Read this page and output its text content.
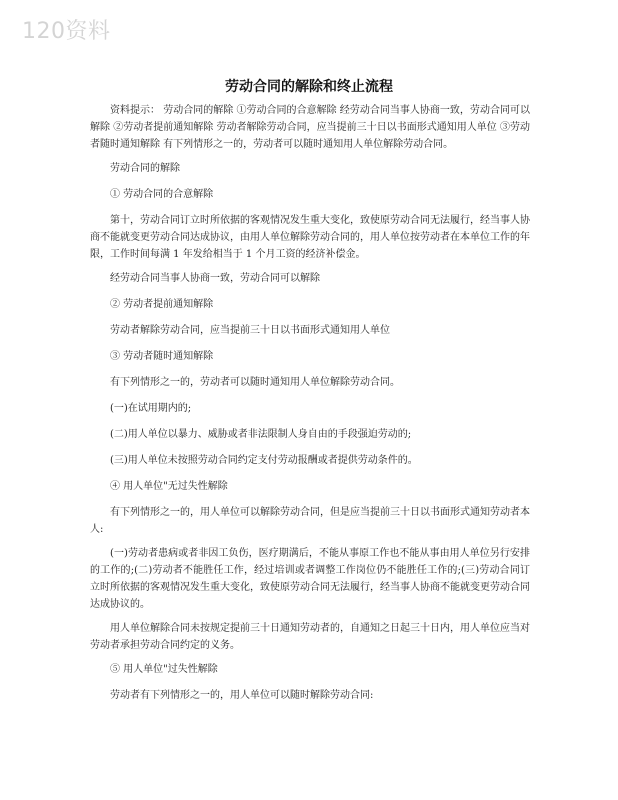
120资料
劳动合同的解除和终止流程

资料提示： 劳动合同的解除 ①劳动合同的合意解除 经劳动合同当事人协商一致，劳动合同可以解除 ②劳动者提前通知解除 劳动者解除劳动合同，应当提前三十日以书面形式通知用人单位 ③劳动者随时通知解除 有下列情形之一的，劳动者可以随时通知用人单位解除劳动合同。

劳动合同的解除

① 劳动合同的合意解除

第十，劳动合同订立时所依据的客观情况发生重大变化，致使原劳动合同无法履行，经当事人协商不能就变更劳动合同达成协议，由用人单位解除劳动合同的，用人单位按劳动者在本单位工作的年限，工作时间每满 1 年发给相当于 1 个月工资的经济补偿金。

经劳动合同当事人协商一致，劳动合同可以解除

② 劳动者提前通知解除

劳动者解除劳动合同，应当提前三十日以书面形式通知用人单位

③ 劳动者随时通知解除

有下列情形之一的，劳动者可以随时通知用人单位解除劳动合同。

(一)在试用期内的;

(二)用人单位以暴力、威胁或者非法限制人身自由的手段强迫劳动的;

(三)用人单位未按照劳动合同约定支付劳动报酬或者提供劳动条件的。

④ 用人单位"无过失性解除

有下列情形之一的，用人单位可以解除劳动合同，但是应当提前三十日以书面形式通知劳动者本人:

(一)劳动者患病或者非因工负伤，医疗期满后，不能从事原工作也不能从事由用人单位另行安排的工作的;(二)劳动者不能胜任工作，经过培训或者调整工作岗位仍不能胜任工作的;(三)劳动合同订立时所依据的客观情况发生重大变化，致使原劳动合同无法履行，经当事人协商不能就变更劳动合同达成协议的。

用人单位解除合同未按规定提前三十日通知劳动者的，自通知之日起三十日内，用人单位应当对劳动者承担劳动合同约定的义务。

⑤ 用人单位"过失性解除

劳动者有下列情形之一的，用人单位可以随时解除劳动合同:
